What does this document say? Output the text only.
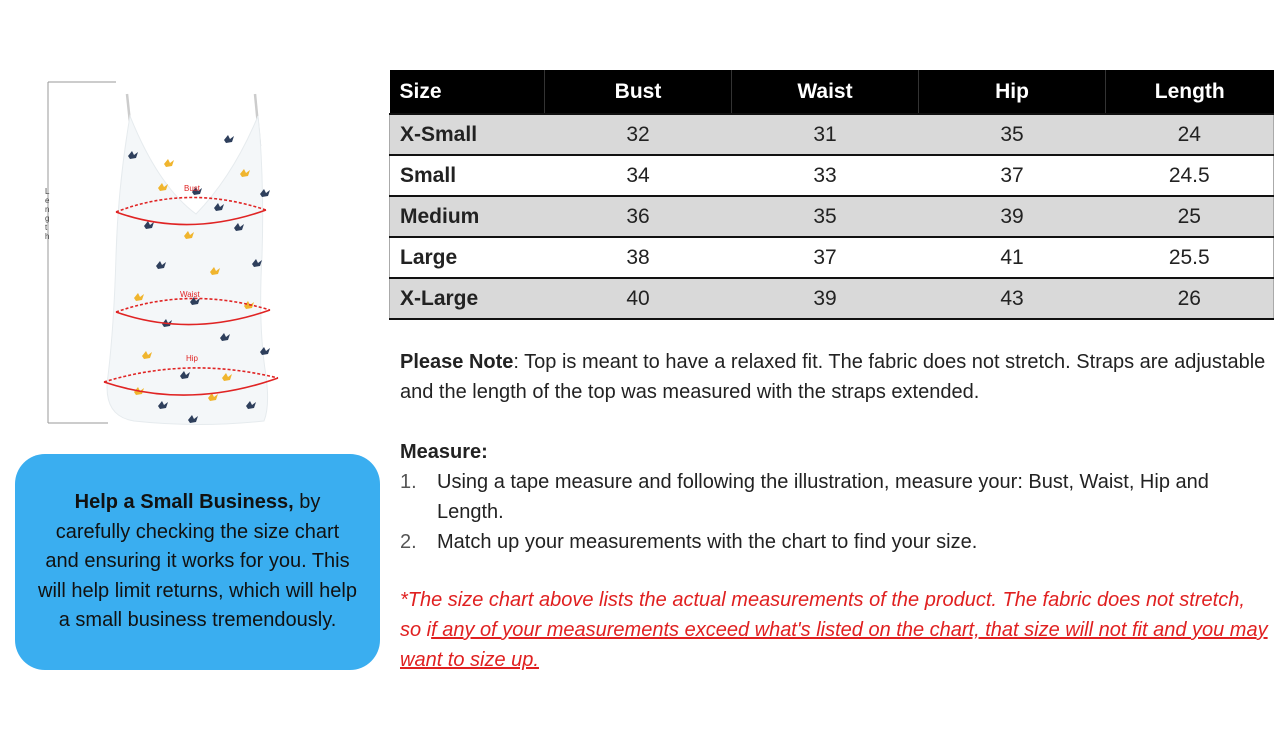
L e n g t h
Bust
Waist
Hip
Size	Bust	Waist	Hip	Length
X-Small	32	31	35	24
Small	34	33	37	24.5
Medium	36	35	39	25
Large	38	37	41	25.5
X-Large	40	39	43	26
Please Note: Top is meant to have a relaxed fit. The fabric does not stretch. Straps are adjustable and the length of the top was measured with the straps extended.
Measure:
1. Using a tape measure and following the illustration, measure your: Bust, Waist, Hip and Length.
2. Match up your measurements with the chart to find your size.
*The size chart above lists the actual measurements of the product. The fabric does not stretch, so if any of your measurements exceed what's listed on the chart, that size will not fit and you may want to size up.
Help a Small Business, by carefully checking the size chart and ensuring it works for you. This will help limit returns, which will help a small business tremendously.
